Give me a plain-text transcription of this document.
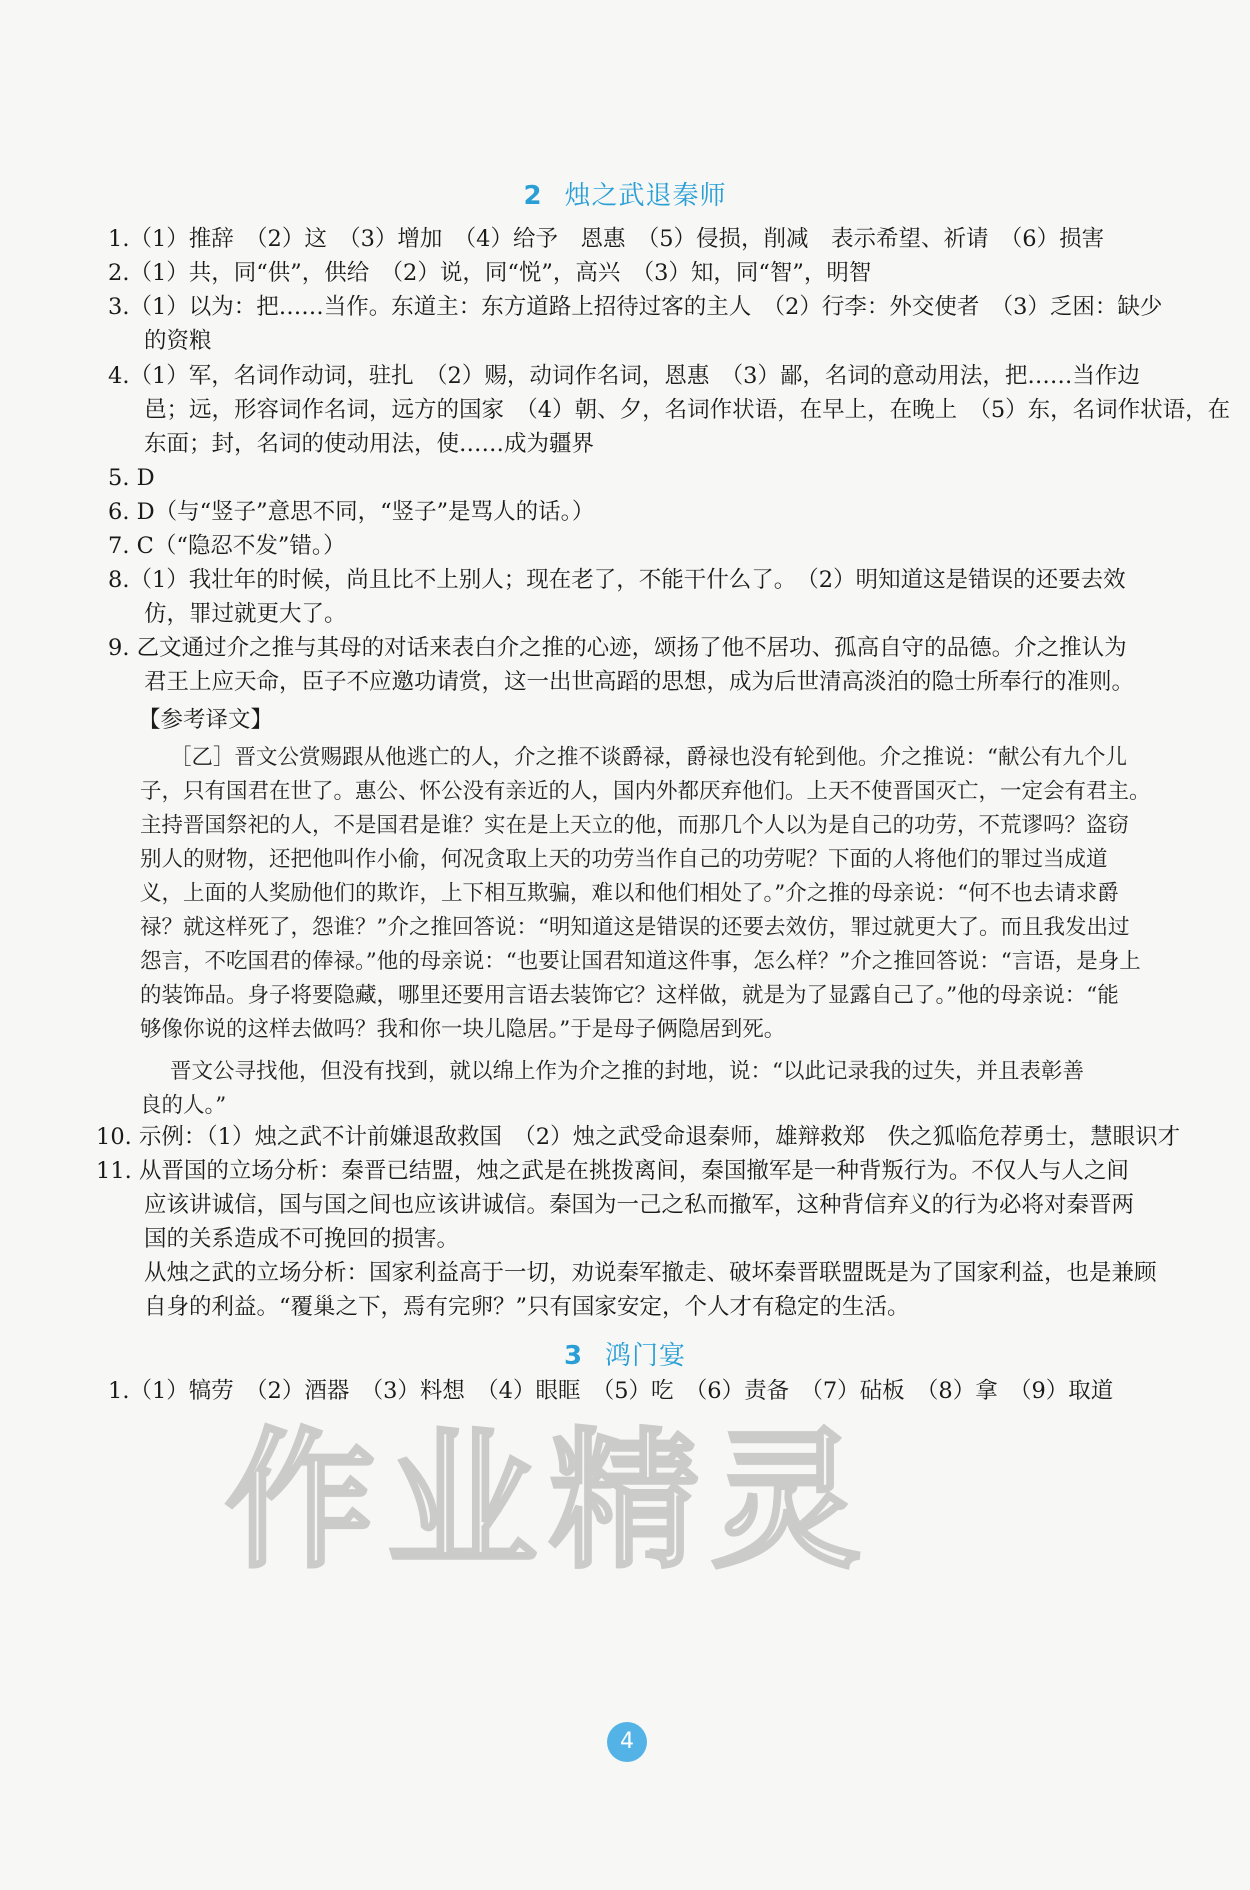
2 烛之武退秦师
1.（1）推辞　（2）这　（3）增加　（4）给予　恩惠　（5）侵损，削减　表示希望、祈请　（6）损害
2.（1）共，同“供”，供给　（2）说，同“悦”，高兴　（3）知，同“智”，明智
3.（1）以为：把……当作。东道主：东方道路上招待过客的主人　（2）行李：外交使者　（3）乏困：缺少
的资粮
4.（1）军，名词作动词，驻扎　（2）赐，动词作名词，恩惠　（3）鄙，名词的意动用法，把……当作边
邑；远，形容词作名词，远方的国家　（4）朝、夕，名词作状语，在早上，在晚上　（5）东，名词作状语，在
东面；封，名词的使动用法，使……成为疆界
5. D
6. D（与“竖子”意思不同，“竖子”是骂人的话。）
7. C（“隐忍不发”错。）
8.（1）我壮年的时候，尚且比不上别人；现在老了，不能干什么了。　（2）明知道这是错误的还要去效
仿，罪过就更大了。
9. 乙文通过介之推与其母的对话来表白介之推的心迹，颂扬了他不居功、孤高自守的品德。介之推认为
君王上应天命，臣子不应邀功请赏，这一出世高蹈的思想，成为后世清高淡泊的隐士所奉行的准则。
【参考译文】
［乙］晋文公赏赐跟从他逃亡的人，介之推不谈爵禄，爵禄也没有轮到他。介之推说：“献公有九个儿
子，只有国君在世了。惠公、怀公没有亲近的人，国内外都厌弃他们。上天不使晋国灭亡，一定会有君主。
主持晋国祭祀的人，不是国君是谁？实在是上天立的他，而那几个人以为是自己的功劳，不荒谬吗？盗窃
别人的财物，还把他叫作小偷，何况贪取上天的功劳当作自己的功劳呢？下面的人将他们的罪过当成道
义，上面的人奖励他们的欺诈，上下相互欺骗，难以和他们相处了。”介之推的母亲说：“何不也去请求爵
禄？就这样死了，怨谁？”介之推回答说：“明知道这是错误的还要去效仿，罪过就更大了。而且我发出过
怨言，不吃国君的俸禄。”他的母亲说：“也要让国君知道这件事，怎么样？”介之推回答说：“言语，是身上
的装饰品。身子将要隐藏，哪里还要用言语去装饰它？这样做，就是为了显露自己了。”他的母亲说：“能
够像你说的这样去做吗？我和你一块儿隐居。”于是母子俩隐居到死。
晋文公寻找他，但没有找到，就以绵上作为介之推的封地，说：“以此记录我的过失，并且表彰善
良的人。”
10. 示例：（1）烛之武不计前嫌退敌救国　（2）烛之武受命退秦师，雄辩救郑　佚之狐临危荐勇士，慧眼识才
11. 从晋国的立场分析：秦晋已结盟，烛之武是在挑拨离间，秦国撤军是一种背叛行为。不仅人与人之间
应该讲诚信，国与国之间也应该讲诚信。秦国为一己之私而撤军，这种背信弃义的行为必将对秦晋两
国的关系造成不可挽回的损害。
从烛之武的立场分析：国家利益高于一切，劝说秦军撤走、破坏秦晋联盟既是为了国家利益，也是兼顾
自身的利益。“覆巢之下，焉有完卵？”只有国家安定，个人才有稳定的生活。
3 鸿门宴
1.（1）犒劳　（2）酒器　（3）料想　（4）眼眶　（5）吃　（6）责备　（7）砧板　（8）拿　（9）取道
作业精灵
4
